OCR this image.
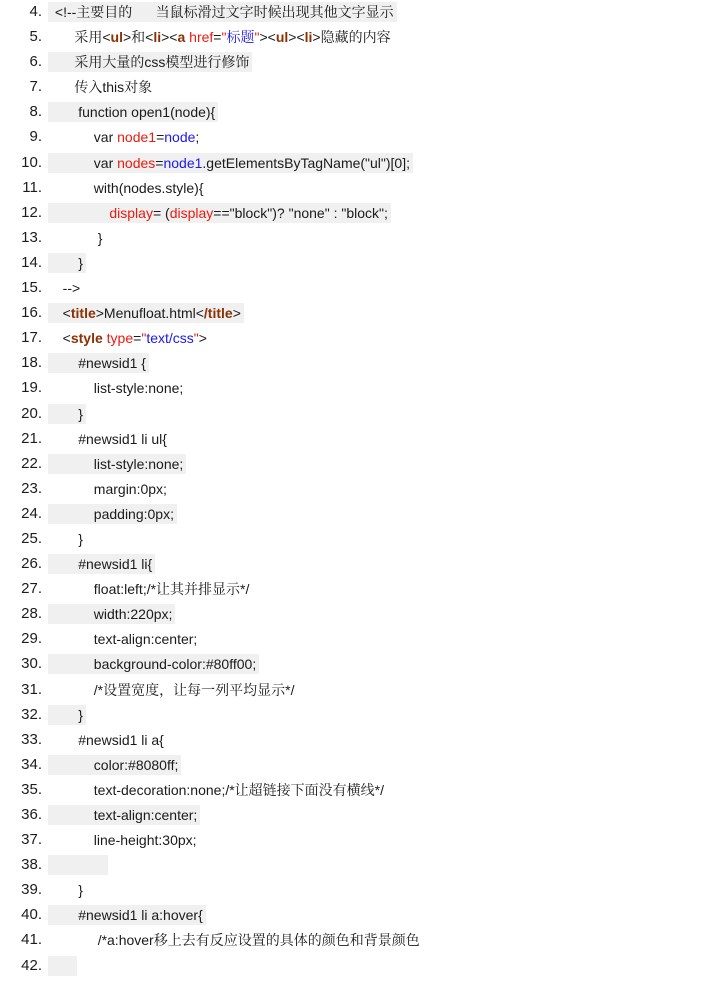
4. <!--主要目的      当鼠标滑过文字时候出现其他文字显示
5.	采用<ul>和<li><a href="标题"><ul><li>隐藏的内容
6.	采用大量的css模型进行修饰
7.	传入this对象
8.	function open1(node){
9.	var node1=node;
10.	var nodes=node1.getElementsByTagName("ul")[0];
11.	with(nodes.style){
12.	display= (display=="block")? "none" : "block";
13.	}
14.	}
15.	-->
16.	<title>Menufloat.html</title>
17.	<style type="text/css">
18.	#newsid1 {
19.	list-style:none;
20.	}
21.	#newsid1 li ul{
22.	list-style:none;
23.	margin:0px;
24.	padding:0px;
25.	}
26.	#newsid1 li{
27.	float:left;/*让其并排显示*/
28.	width:220px;
29.	text-align:center;
30.	background-color:#80ff00;
31.	/*设置宽度，让每一列平均显示*/
32.	}
33.	#newsid1 li a{
34.	color:#8080ff;
35.	text-decoration:none;/*让超链接下面没有横线*/
36.	text-align:center;
37.	line-height:30px;
38.

39.	}
40.	#newsid1 li a:hover{
41.	/*a:hover移上去有反应设置的具体的颜色和背景颜色
42.
